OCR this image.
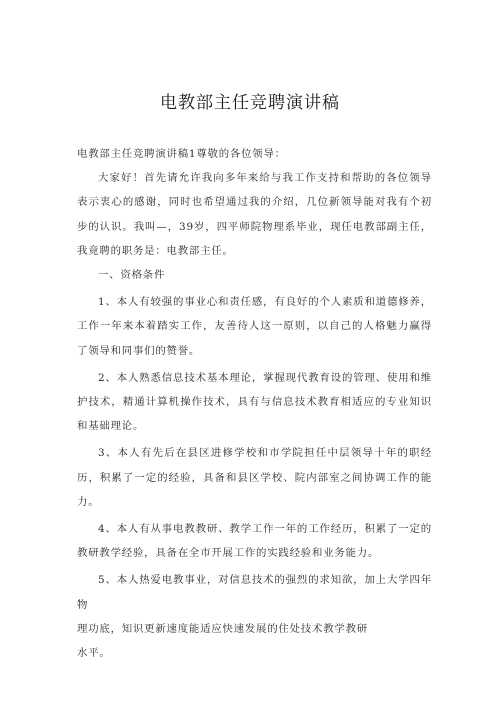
电教部主任竞聘演讲稿

电教部主任竞聘演讲稿1尊敬的各位领导：

大家好！首先请允许我向多年来给与我工作支持和帮助的各位领导表示衷心的感谢，同时也希望通过我的介绍，几位新领导能对我有个初步的认识。我叫—，39岁，四平师院物理系毕业，现任电教部副主任，我竟聘的职务是：电教部主任。

一、资格条件

1、本人有较强的事业心和责任感，有良好的个人素质和道德修养，工作一年来本着踏实工作，友善待人这一原则，以自己的人格魅力赢得了领导和同事们的赞誉。

2、本人熟悉信息技术基本理论，掌握现代教育设的管理、使用和维护技术，精通计算机操作技术，具有与信息技术教育相适应的专业知识和基础理论。

3、本人有先后在县区进修学校和市学院担任中层领导十年的职经历，积累了一定的经验，具备和县区学校、院内部室之间协调工作的能力。

4、本人有从事电教教研、教学工作一年的工作经历，积累了一定的教研教学经验，具备在全市开展工作的实践经验和业务能力。

5、本人热爱电教事业，对信息技术的强烈的求知欲，加上大学四年物
理功底，知识更新速度能适应快速发展的住处技术教学教研
水平。
